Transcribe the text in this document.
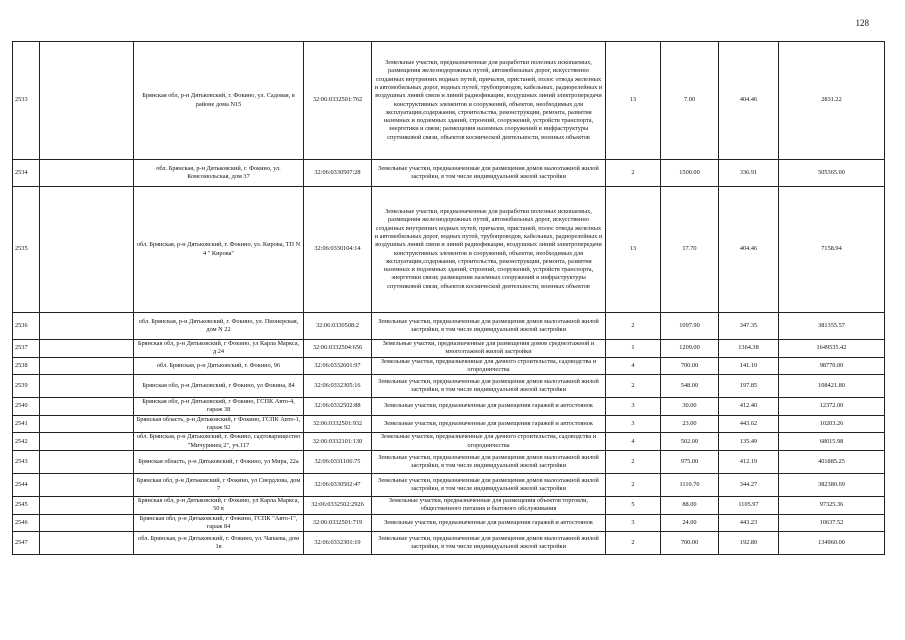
128
2533		Брянская обл, р-н Дятьковский, г. Фокино, ул. Садовая, в районе дома N15	32:06:0332501:762	Земельные участки, предназначенные для разработки полезных ископаемых, размещения железнодорожных путей, автомобильных дорог, искусственно созданных внутренних водных путей, причалов, пристаней, полос отвода железных и автомобильных дорог, водных путей, трубопроводов, кабельных, радиорелейных и воздушных линий связи и линий радиофикации, воздушных линий электропередачи конструктивных элементов и сооружений, объектов, необходимых для эксплуатации,содержания, строительства, реконструкции, ремонта, развития наземных и подземных зданий, строений, сооружений, устройств транспорта, энергетики и связи; размещения наземных сооружений и инфраструктуры спутниковой связи, объектов космической деятельности, военных объектов	13	7.00	404.46	2831.22
2534		обл. Брянская, р-н Дятьковский, г. Фокино, ул. Комсомольская, дом 37	32:06:0330507:28	Земельные участки, предназначенные для размещения домов малоэтажной жилой застройки, в том числе индивидуальной жилой застройки	2	1500.00	336.91	505365.00
2535		обл. Брянская, р-н Дятьковский, г. Фокино, ул. Кирова, ТП N 4 " Кирова"	32:06:0330104:14	Земельные участки, предназначенные для разработки полезных ископаемых, размещения железнодорожных путей, автомобильных дорог, искусственно созданных внутренних водных путей, причалов, пристаней, полос отвода железных и автомобильных дорог, водных путей, трубопроводов, кабельных, радиорелейных и воздушных линий связи и линий радиофикации, воздушных линий электропередачи конструктивных элементов и сооружений, объектов, необходимых для эксплуатации,содержания, строительства, реконструкции, ремонта, развития наземных и подземных зданий, строений, сооружений, устройств транспорта, энергетики связи; размещения наземных сооружений и инфраструктуры спутниковой связи, объектов космической деятельности, военных объектов	13	17.70	404.46	7158.94
2536		обл. Брянская, р-н Дятьковский, г. Фокино, ул. Пионерская, дом N 22	32:06:0330508:2	Земельные участки, предназначенные для размещения домов малоэтажной жилой застройки, в том числе индивидуальной жилой застройки	2	1097.90	347.35	381355.57
2537		Брянская обл, р-н Дятьковский, г Фокино, ул Карла Маркса, д 24	32:06:0332504:656	Земельные участки, предназначенные для размещения домов среднеэтажной и многоэтажной жилой застройки	1	1209.00	1364.38	1649535.42
2538		обл. Брянская, р-н Дятьковский, г. Фокино, 96	32:06:0332601:97	Земельные участки, предназначенные для дачного строительства, садоводства и огородничества	4	700.00	141.10	98770.00
2539		Брянская обл, р-н Дятьковский, г Фокино, ул Фокина, 84	32:06:0332305:16	Земельные участки, предназначенные для размещения домов малоэтажной жилой застройки, в том числе индивидуальной жилой застройки	2	548.00	197.85	108421.80
2540		Брянская обл, р-н Дятьковский, г Фокино, ГСПК Авто-4, гараж 38	32:06:0332502:88	Земельные участки, предназначенные для размещения гаражей и автостоянок	3	30.00	412.40	12372.00
2541		Брянская область, р-н Дятьковский, г Фокино, ГСПК Авто-1, гараж 92	32:06:0332501:932	Земельные участки, предназначенные для размещения гаражей и автостоянок	3	23.00	443.62	10203.26
2542		обл. Брянская, р-н Дятьковский, г. Фокино, садтоварищество "Мичуринец 2", уч.117	32:06:0332101:130	Земельные участки, предназначенные для дачного строительства, садоводства и огородничества	4	502.00	135.49	68015.98
2543		Брянская область, р-н Дятьковский, г Фокино, ул Мира, 22а	32:06:0331106:75	Земельные участки, предназначенные для размещения домов малоэтажной жилой застройки, в том числе индивидуальной жилой застройки	2	975.00	412.19	401885.25
2544		Брянская обл, р-н Дятьковский, г Фокино, ул Свердлова, дом 7	32:06:0330502:47	Земельные участки, предназначенные для размещения домов малоэтажной жилой застройки, в том числе индивидуальной жилой застройки	2	1110.70	344.27	382380.69
2545		Брянская обл, р-н Дятьковский, г Фокино, ул Карла Маркса, 50 в	32:06:0332502:2926	Земельные участки, предназначенные для размещения объектов торговли, общественного питания и бытового обслуживания	5	88.00	1105.97	97325.36
2546		Брянская обл, р-н Дятьковский, г Фокино, ГСПК "Авто-1", гараж 84	32:06:0332501:719	Земельные участки, предназначенные для размещения гаражей и автостоянок	3	24.00	443.23	10637.52
2547		обл. Брянская, р-н Дятьковский, г. Фокино, ул. Чапаева, дом 1в	32:06:0332301:19	Земельные участки, предназначенные для размещения домов малоэтажной жилой застройки, в том числе индивидуальной жилой застройки	2	700.00	192.80	134960.00
